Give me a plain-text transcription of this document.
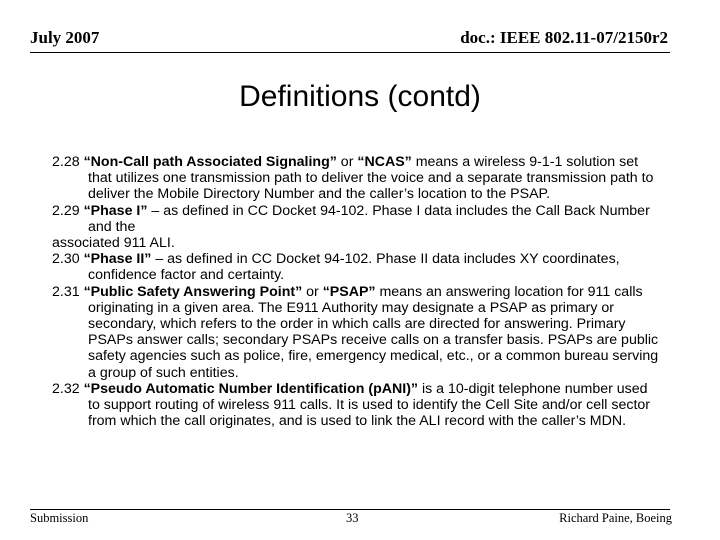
July 2007	doc.: IEEE 802.11-07/2150r2
Definitions (contd)

2.28 “Non-Call path Associated Signaling” or “NCAS” means a wireless 9-1-1 solution set that utilizes one transmission path to deliver the voice and a separate transmission path to deliver the Mobile Directory Number and the caller’s location to the PSAP.

2.29 “Phase I” – as defined in CC Docket 94-102. Phase I data includes the Call Back Number and the

associated 911 ALI.

2.30 “Phase II” – as defined in CC Docket 94-102. Phase II data includes XY coordinates, confidence factor and certainty.

2.31 “Public Safety Answering Point” or “PSAP” means an answering location for 911 calls originating in a given area. The E911 Authority may designate a PSAP as primary or secondary, which refers to the order in which calls are directed for answering. Primary PSAPs answer calls; secondary PSAPs receive calls on a transfer basis. PSAPs are public safety agencies such as police, fire, emergency medical, etc., or a common bureau serving a group of such entities.

2.32 “Pseudo Automatic Number Identification (pANI)” is a 10-digit telephone number used to support routing of wireless 911 calls. It is used to identify the Cell Site and/or cell sector from which the call originates, and is used to link the ALI record with the caller’s MDN.

Submission	33	Richard Paine, Boeing
